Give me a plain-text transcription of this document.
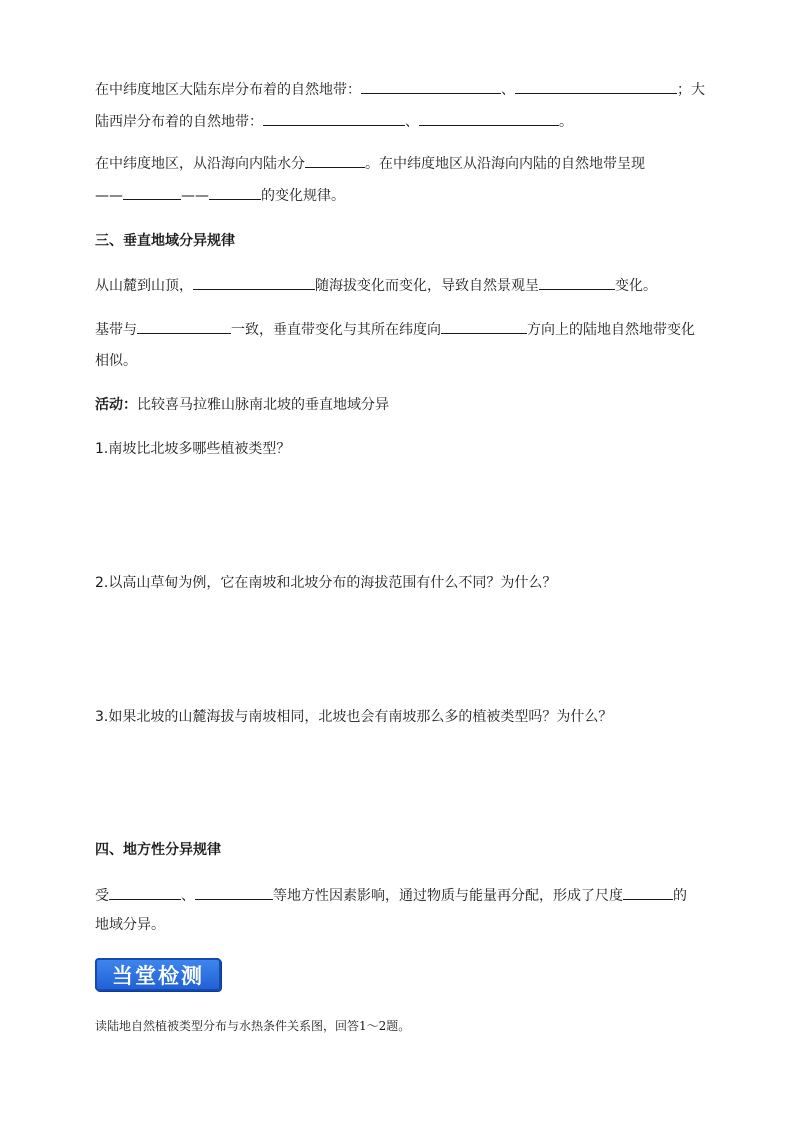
在中纬度地区大陆东岸分布着的自然地带：	、	；大
陆西岸分布着的自然地带：	、	。
在中纬度地区，从沿海向内陆水分	。在中纬度地区从沿海向内陆的自然地带呈现
——	——	的变化规律。
三、垂直地域分异规律
从山麓到山顶，	随海拔变化而变化，导致自然景观呈	变化。
基带与	一致，垂直带变化与其所在纬度向	方向上的陆地自然地带变化
相似。
活动：比较喜马拉雅山脉南北坡的垂直地域分异
1.南坡比北坡多哪些植被类型？
2.以高山草甸为例，它在南坡和北坡分布的海拔范围有什么不同？为什么？
3.如果北坡的山麓海拔与南坡相同，北坡也会有南坡那么多的植被类型吗？为什么？
四、地方性分异规律
受	、	等地方性因素影响，通过物质与能量再分配，形成了尺度	的
地域分异。
当堂检测
读陆地自然植被类型分布与水热条件关系图，回答1～2题。
